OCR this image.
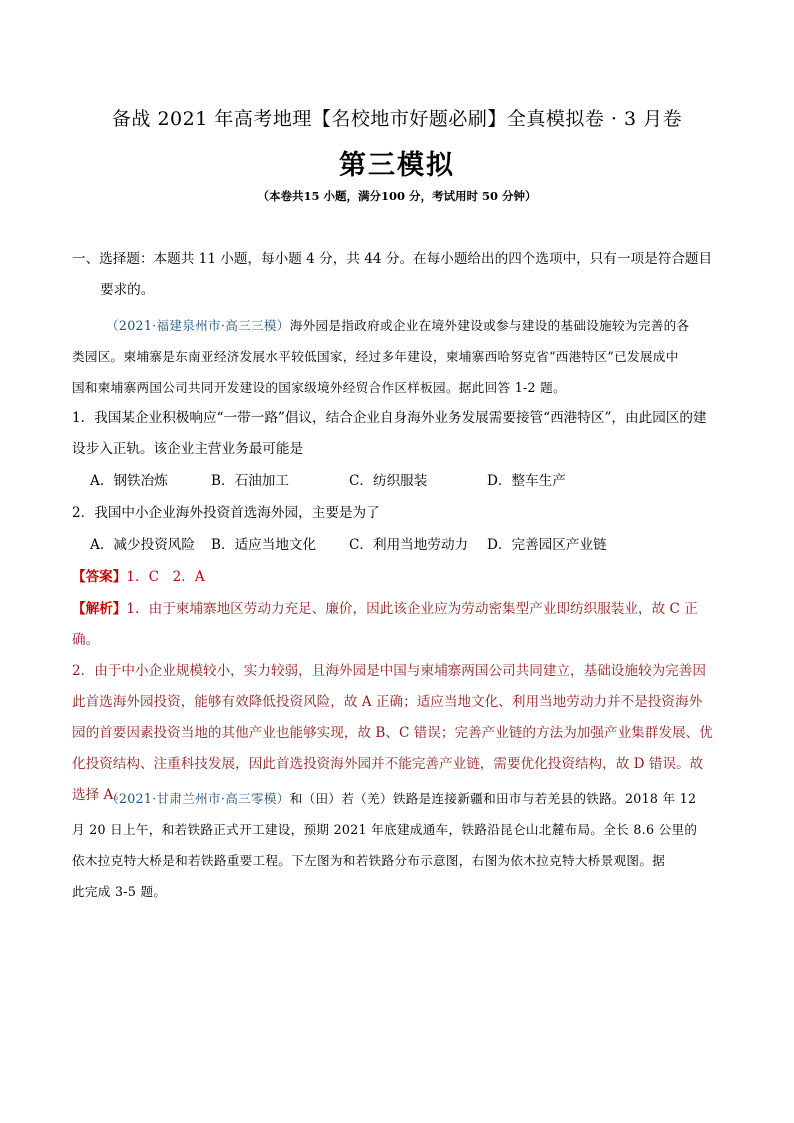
备战 2021 年高考地理【名校地市好题必刷】全真模拟卷 · 3 月卷
第三模拟
（本卷共15 小题，满分100 分，考试用时 50 分钟）
一、选择题：本题共 11 小题，每小题 4 分，共 44 分。在每小题给出的四个选项中，只有一项是符合题目
要求的。
（2021·福建泉州市·高三三模）海外园是指政府或企业在境外建设或参与建设的基础设施较为完善的各
类园区。柬埔寨是东南亚经济发展水平较低国家，经过多年建设，柬埔寨西哈努克省“西港特区”已发展成中
国和柬埔寨两国公司共同开发建设的国家级境外经贸合作区样板园。据此回答 1-2 题。
1．我国某企业积极响应“一带一路”倡议，结合企业自身海外业务发展需要接管“西港特区”，由此园区的建
设步入正轨。该企业主营业务最可能是
A．钢铁冶炼	B．石油加工	C．纺织服装	D．整车生产
2．我国中小企业海外投资首选海外园，主要是为了
A．减少投资风险 B．适应当地文化 C．利用当地劳动力 D．完善园区产业链
【答案】1．C　2．A
【解析】1．由于柬埔寨地区劳动力充足、廉价，因此该企业应为劳动密集型产业即纺织服装业，故 C 正确。
2．由于中小企业规模较小，实力较弱，且海外园是中国与柬埔寨两国公司共同建立，基础设施较为完善因
此首选海外园投资，能够有效降低投资风险，故 A 正确；适应当地文化、利用当地劳动力并不是投资海外
园的首要因素投资当地的其他产业也能够实现，故 B、C 错误；完善产业链的方法为加强产业集群发展、优
化投资结构、注重科技发展，因此首选投资海外园并不能完善产业链，需要优化投资结构，故 D 错误。故
选择 A。
（2021·甘肃兰州市·高三零模）和（田）若（羌）铁路是连接新疆和田市与若羌县的铁路。2018 年 12
月 20 日上午，和若铁路正式开工建设，预期 2021 年底建成通车，铁路沿昆仑山北麓布局。全长 8.6 公里的
依木拉克特大桥是和若铁路重要工程。下左图为和若铁路分布示意图，右图为依木拉克特大桥景观图。据
此完成 3-5 题。
